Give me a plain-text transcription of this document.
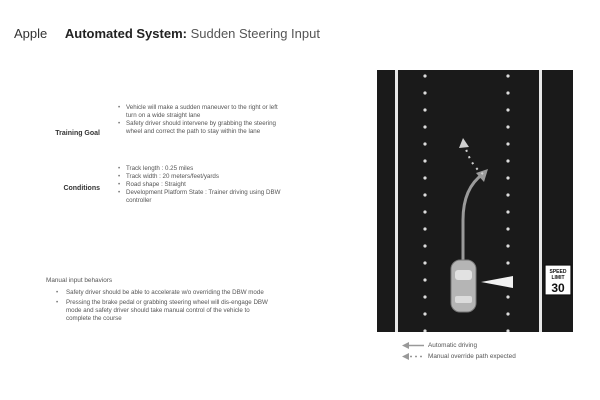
Apple Automated System: Sudden Steering Input
Training Goal
• Vehicle will make a sudden maneuver to the right or left turn on a wide straight lane
• Safety driver should intervene by grabbing the steering wheel and correct the path to stay within the lane
Conditions
• Track length : 0.25 miles
• Track width : 20 meters/feet/yards
• Road shape : Straight
• Development Platform State : Trainer driving using DBW controller
Manual input behaviors
• Safety driver should be able to accelerate w/o overriding the DBW mode
• Pressing the brake pedal or grabbing steering wheel will dis-engage DBW mode and safety driver should take manual control of the vehicle to complete the course
SPEED
LIMIT
30
Automatic driving
Manual override path expected
